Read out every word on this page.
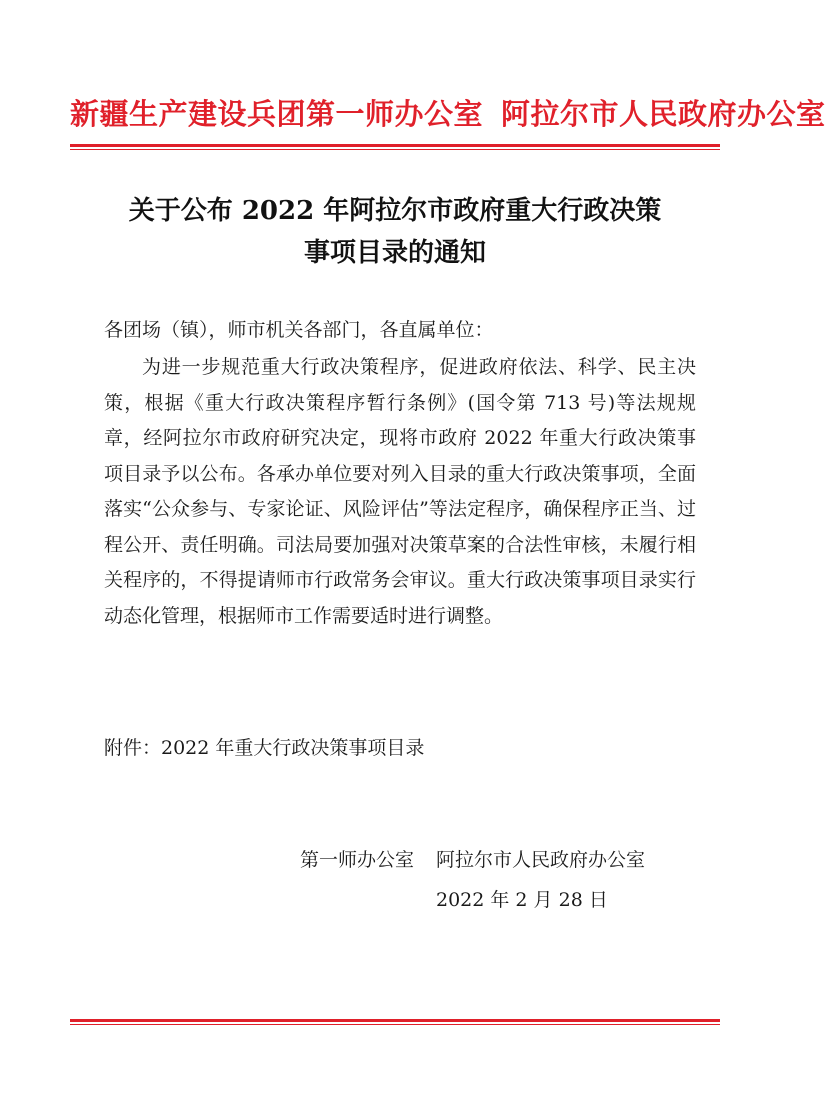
新疆生产建设兵团第一师办公室 阿拉尔市人民政府办公室
关于公布 2022 年阿拉尔市政府重大行政决策
事项目录的通知
各团场（镇），师市机关各部门，各直属单位：
为进一步规范重大行政决策程序，促进政府依法、科学、民主决策，根据《重大行政决策程序暂行条例》(国令第 713 号)等法规规章，经阿拉尔市政府研究决定，现将市政府 2022 年重大行政决策事项目录予以公布。各承办单位要对列入目录的重大行政决策事项，全面落实“公众参与、专家论证、风险评估”等法定程序，确保程序正当、过程公开、责任明确。司法局要加强对决策草案的合法性审核，未履行相关程序的，不得提请师市行政常务会审议。重大行政决策事项目录实行动态化管理，根据师市工作需要适时进行调整。
附件：2022 年重大行政决策事项目录
第一师办公室 阿拉尔市人民政府办公室
2022 年 2 月 28 日
